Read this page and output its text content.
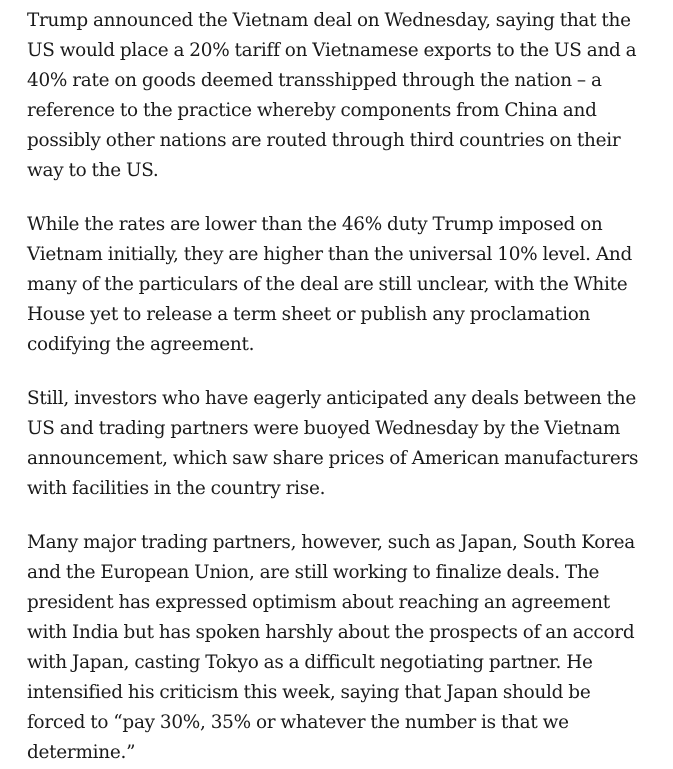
Trump announced the Vietnam deal on Wednesday, saying that the
US would place a 20% tariff on Vietnamese exports to the US and a
40% rate on goods deemed transshipped through the nation – a
reference to the practice whereby components from China and
possibly other nations are routed through third countries on their
way to the US.

While the rates are lower than the 46% duty Trump imposed on
Vietnam initially, they are higher than the universal 10% level. And
many of the particulars of the deal are still unclear, with the White
House yet to release a term sheet or publish any proclamation
codifying the agreement.

Still, investors who have eagerly anticipated any deals between the
US and trading partners were buoyed Wednesday by the Vietnam
announcement, which saw share prices of American manufacturers
with facilities in the country rise.

Many major trading partners, however, such as Japan, South Korea
and the European Union, are still working to finalize deals. The
president has expressed optimism about reaching an agreement
with India but has spoken harshly about the prospects of an accord
with Japan, casting Tokyo as a difficult negotiating partner. He
intensified his criticism this week, saying that Japan should be
forced to “pay 30%, 35% or whatever the number is that we
determine.”
